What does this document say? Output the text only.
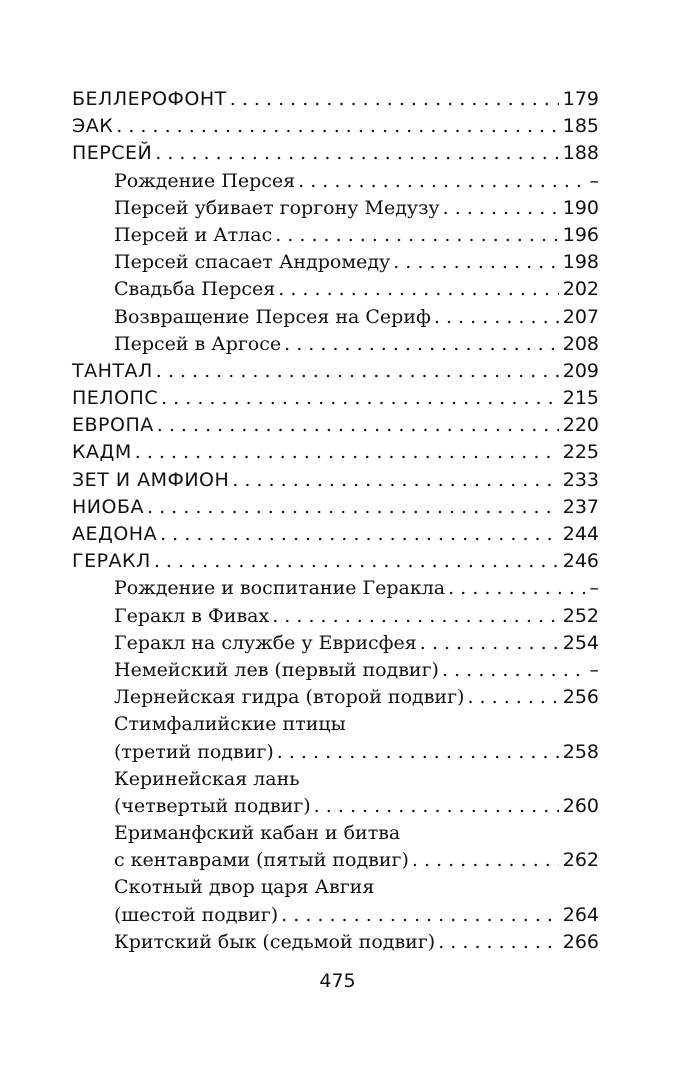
БЕЛЛЕРОФОНТ . . .	179
ЭАК . . .	185
ПЕРСЕЙ . . .	188
Рождение Персея . . .	–
Персей убивает горгону Медузу . . .	190
Персей и Атлас . . .	196
Персей спасает Андромеду . . .	198
Свадьба Персея . . .	202
Возвращение Персея на Сериф . . .	207
Персей в Аргосе . . .	208
ТАНТАЛ . . .	209
ПЕЛОПС . . .	215
ЕВРОПА . . .	220
КАДМ . . .	225
ЗЕТ И АМФИОН . . .	233
НИОБА . . .	237
АЕДОНА . . .	244
ГЕРАКЛ . . .	246
Рождение и воспитание Геракла . . .	–
Геракл в Фивах . . .	252
Геракл на службе у Еврисфея . . .	254
Немейский лев (первый подвиг) . . .	–
Лернейская гидра (второй подвиг) . . .	256
Стимфалийские птицы
(третий подвиг) . . .	258
Керинейская лань
(четвертый подвиг) . . .	260
Ериманфский кабан и битва
с кентаврами (пятый подвиг) . . .	262
Скотный двор царя Авгия
(шестой подвиг) . . .	264
Критский бык (седьмой подвиг) . . .	266
475
